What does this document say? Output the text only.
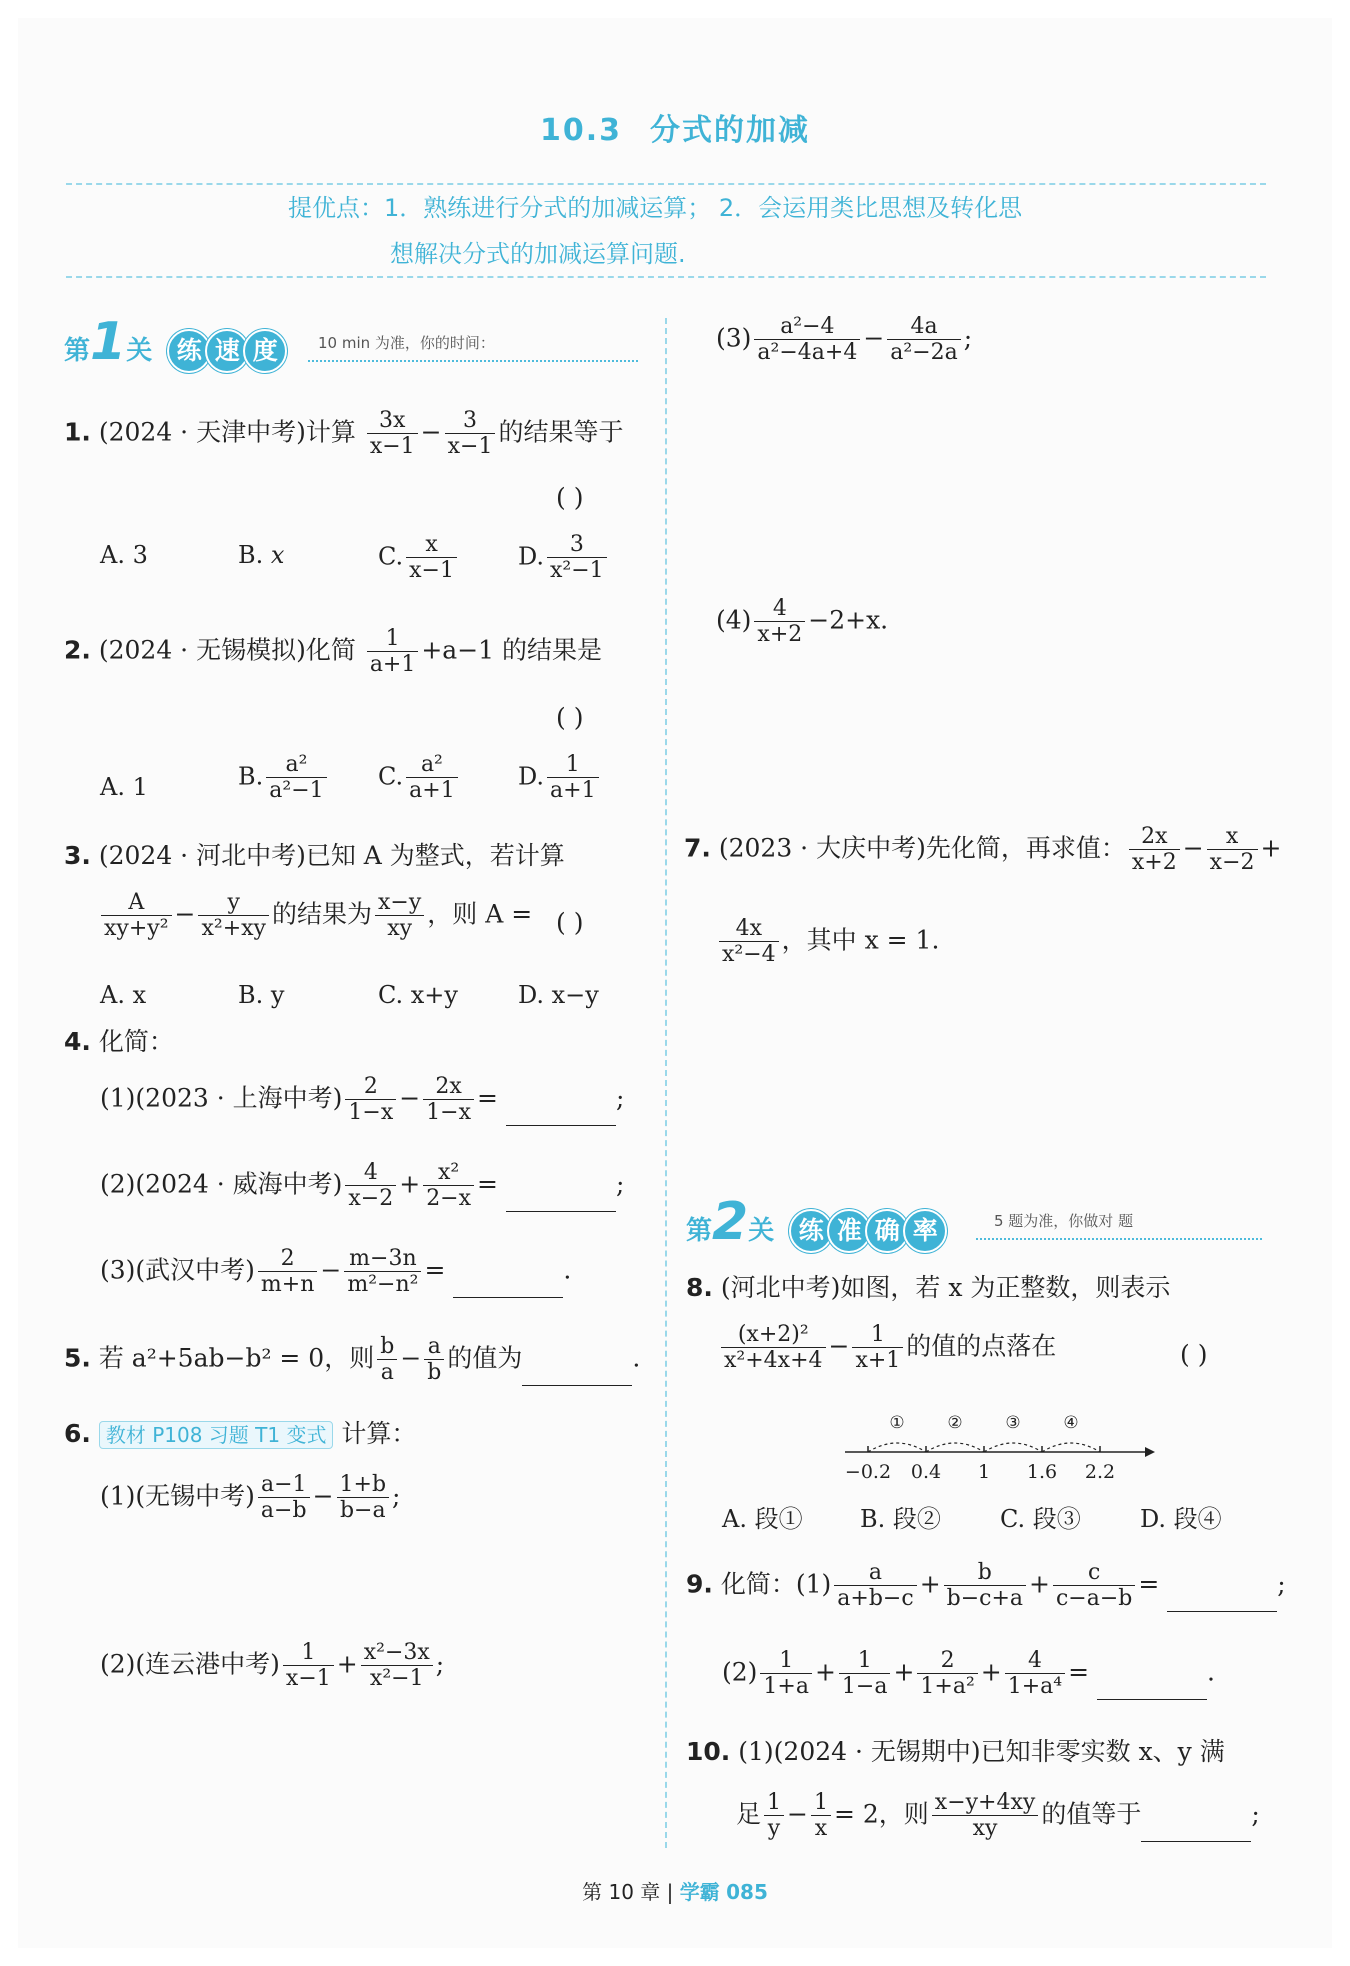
10.3 分式的加减
提优点：1．熟练进行分式的加减运算； 2．会运用类比思想及转化思
想解决分式的加减运算问题.
第1关 练 速 度	10 min 为准，你的时间：
1. (2024 · 天津中考)计算 $\frac{3x}{x-1} - \frac{3}{x-1}$ 的结果等于
( )
A. 3	B. x	C. $\frac{x}{x-1}$	D. $\frac{3}{\text{x²−1}}$
2. (2024 · 无锡模拟)化简 $\frac{1}{a+1} +a-1$ 的结果是
( )
A. 1	B. $\frac{\text{a²}}{\text{a²−1}} C$. $\frac{\text{a²}}{a+1}$	D. $\frac{1}{a+1}$
3. (2024 · 河北中考)已知 A 为整式，若计算
$\frac{A}{\text{xy+y²}} - \frac{y}{\text{x²+xy}}$ 的结果为 $\frac{x-y}{xy}$ ，则 A = ( )
A. x	B. y	C. x+y	D. x−y
4. 化简：
(1)(2023 · 上海中考) $\frac{2}{1-x} - \frac{2x}{1-x}$ =	;
(2)(2024 · 威海中考) $\frac{4}{x-2} + \frac{\text{x²}}{2-x}$ =	;
(3)(武汉中考) $\frac{2}{m+n} - \frac{m-3n}{\text{m²−n²}}$ =	.
5. 若 a²+5ab−b² = 0，则 $\frac{b}{a} - \frac{a}{b}$ 的值为	.
6. 教材 P108 习题 T1 变式 计算：
(1)(无锡中考) $\frac{a-1}{a-b} - \frac{1+b}{b-a}$ ;
(2)(连云港中考) $\frac{1}{x-1} + \frac{\text{x²−3x}}{\text{x²−1}}$ ;
$(3) \frac{\text{a²−4}}{\text{a²−4a+4}} - \frac{4a}{\text{a²−2a}}$ ;
$(4) \frac{4}{x+2} -2+x$.
7. (2023 · 大庆中考)先化简，再求值： $\frac{2x}{x+2} - \frac{x}{x-2}$ +
$\frac{4x}{\text{x²−4}}$ ，其中 x = 1.
第2关 练 准 确 率	5 题为准，你做对 题
8. (河北中考)如图，若 x 为正整数，则表示
$\frac{\text{(x+2)²}}{\text{x²+4x+4}} - \frac{1}{x+1}$ 的值的点落在	( )
①	②	③	④
−0.2 0.4 1 1.6 2.2
A. 段① B. 段② C. 段③ D. 段④
9. 化简：$(1) \frac{a}{a+b-c} + \frac{b}{b-c+a} + \frac{c}{c-a-b}$ =	;
$(2) \frac{1}{1+a} + \frac{1}{1-a} + \frac{2}{\text{1+a²}} + \frac{4}{\text{1+a⁴}}$ =	.
10. (1)(2024 · 无锡期中)已知非零实数 x、y 满
足 $\frac{1}{y} - \frac{1}{x} = 2$，则 $\frac{x-y+4xy}{xy}$ 的值等于	;
第 10 章 | 学霸 085
